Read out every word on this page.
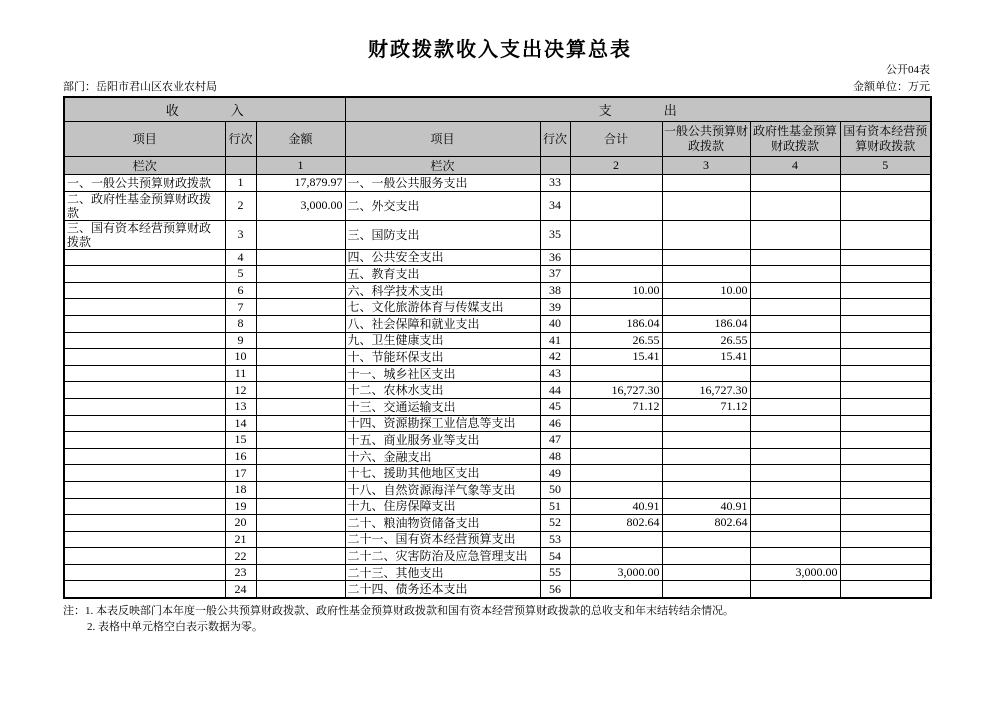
财政拨款收入支出决算总表
公开04表
部门：岳阳市君山区农业农村局	金额单位：万元
收　　　　入			支　　　　出					
项目	行次	金额	项目	行次	合计	一般公共预算财政拨款	政府性基金预算财政拨款	国有资本经营预算财政拨款
栏次		1	栏次		2	3	4	5
一、一般公共预算财政拨款	1	17,879.97	一、一般公共服务支出	33				
二、政府性基金预算财政拨款	2	3,000.00	二、外交支出	34				
三、国有资本经营预算财政拨款	3		三、国防支出	35				
	4		四、公共安全支出	36				
	5		五、教育支出	37				
	6		六、科学技术支出	38	10.00	10.00		
	7		七、文化旅游体育与传媒支出	39				
	8		八、社会保障和就业支出	40	186.04	186.04		
	9		九、卫生健康支出	41	26.55	26.55		
	10		十、节能环保支出	42	15.41	15.41		
	11		十一、城乡社区支出	43				
	12		十二、农林水支出	44	16,727.30	16,727.30		
	13		十三、交通运输支出	45	71.12	71.12		
	14		十四、资源勘探工业信息等支出	46				
	15		十五、商业服务业等支出	47				
	16		十六、金融支出	48				
	17		十七、援助其他地区支出	49				
	18		十八、自然资源海洋气象等支出	50				
	19		十九、住房保障支出	51	40.91	40.91		
	20		二十、粮油物资储备支出	52	802.64	802.64		
	21		二十一、国有资本经营预算支出	53				
	22		二十二、灾害防治及应急管理支出	54				
	23		二十三、其他支出	55	3,000.00		3,000.00	
	24		二十四、债务还本支出	56				
注：1. 本表反映部门本年度一般公共预算财政拨款、政府性基金预算财政拨款和国有资本经营预算财政拨款的总收支和年末结转结余情况。
2. 表格中单元格空白表示数据为零。
